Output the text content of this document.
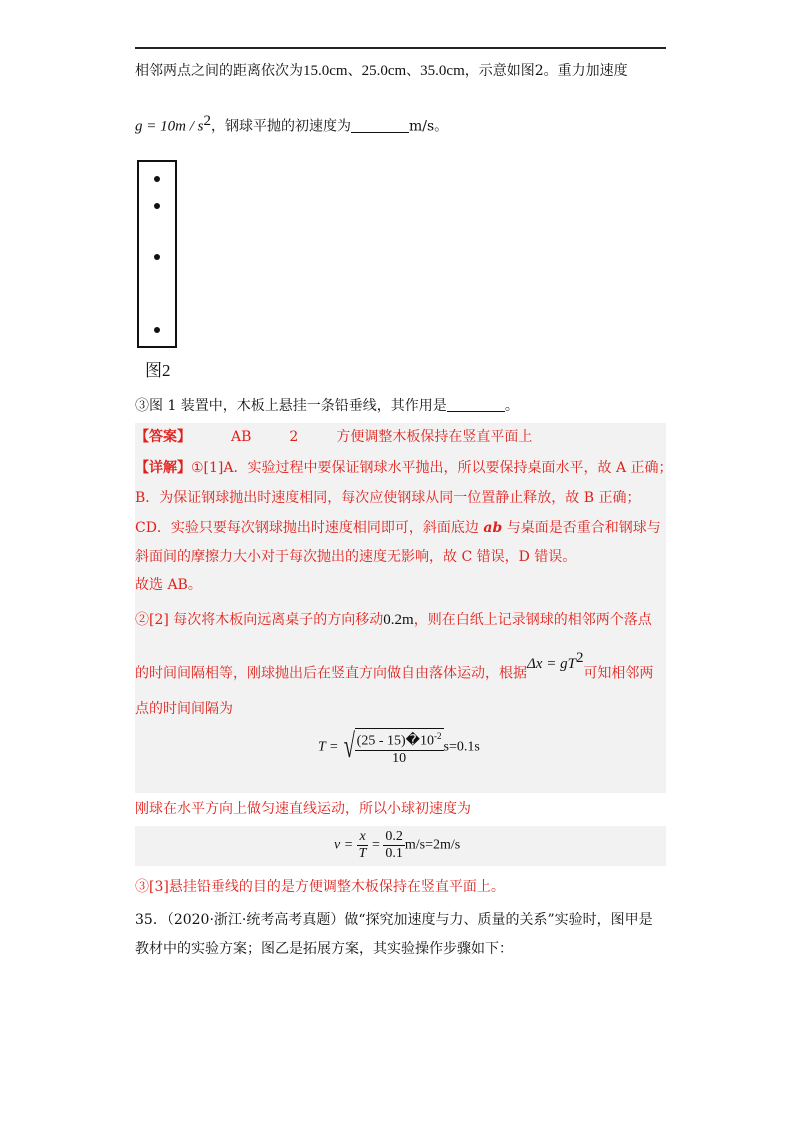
相邻两点之间的距离依次为15.0cm、25.0cm、35.0cm，示意如图2。重力加速度
$g = 10m / s^2$，钢球平抛的初速度为	m/s。
图2
③图 1 装置中，木板上悬挂一条铅垂线，其作用是	。
【答案】	AB	2	方便调整木板保持在竖直平面上
【详解】①[1]A．实验过程中要保证钢球水平抛出，所以要保持桌面水平，故 A 正确；
B．为保证钢球抛出时速度相同，每次应使钢球从同一位置静止释放，故 B 正确；
CD．实验只要每次钢球抛出时速度相同即可，斜面底边 ab 与桌面是否重合和钢球与
斜面间的摩擦力大小对于每次抛出的速度无影响，故 C 错误，D 错误。
故选 AB。
②[2] 每次将木板向远离桌子的方向移动0.2m，则在白纸上记录钢球的相邻两个落点
的时间间隔相等，刚球抛出后在竖直方向做自由落体运动，根据$\Delta x = gT^2$可知相邻两
点的时间间隔为
T = √ $\frac{(25 - 15)�10^{-2}}{10} s=0.1s$
刚球在水平方向上做匀速直线运动，所以小球初速度为
$v = \frac{x}{T} = \frac{0.2}{0.1} m/s=2m/s$
③[3]悬挂铅垂线的目的是方便调整木板保持在竖直平面上。
35．（2020·浙江·统考高考真题）做“探究加速度与力、质量的关系”实验时，图甲是
教材中的实验方案；图乙是拓展方案，其实验操作步骤如下：
